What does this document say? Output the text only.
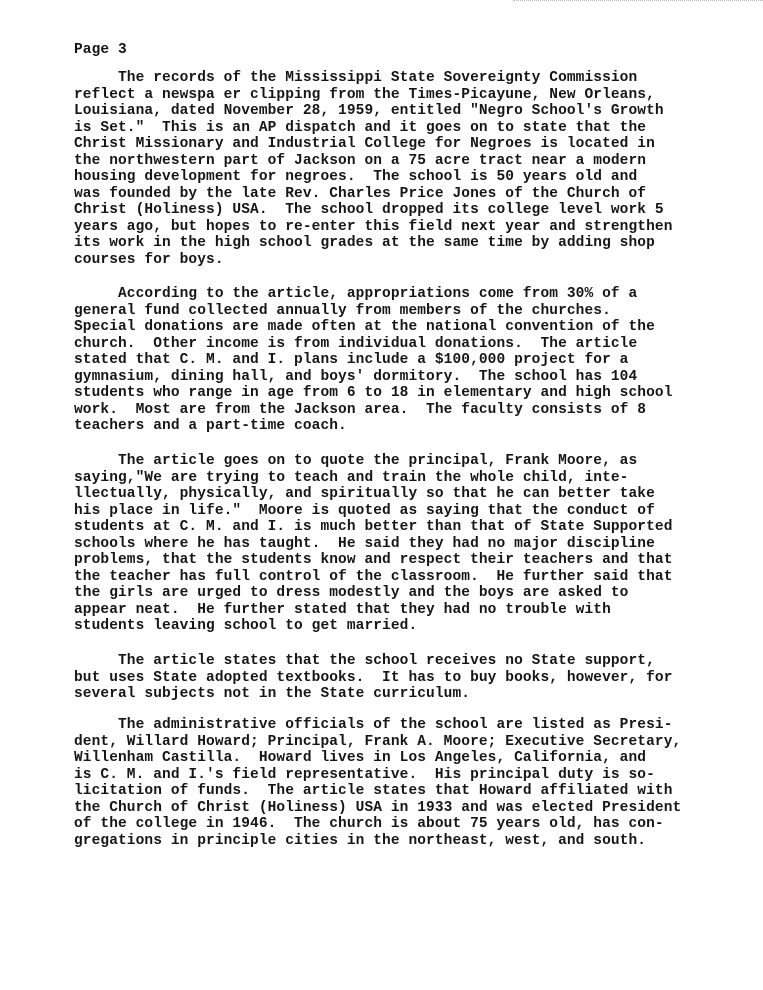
Page 3
The records of the Mississippi State Sovereignty Commission
reflect a newspa er clipping from the Times-Picayune, New Orleans,
Louisiana, dated November 28, 1959, entitled "Negro School's Growth
is Set."  This is an AP dispatch and it goes on to state that the
Christ Missionary and Industrial College for Negroes is located in
the northwestern part of Jackson on a 75 acre tract near a modern
housing development for negroes.  The school is 50 years old and
was founded by the late Rev. Charles Price Jones of the Church of
Christ (Holiness) USA.  The school dropped its college level work 5
years ago, but hopes to re-enter this field next year and strengthen
its work in the high school grades at the same time by adding shop
courses for boys.
According to the article, appropriations come from 30% of a
general fund collected annually from members of the churches.
Special donations are made often at the national convention of the
church.  Other income is from individual donations.  The article
stated that C. M. and I. plans include a $100,000 project for a
gymnasium, dining hall, and boys' dormitory.  The school has 104
students who range in age from 6 to 18 in elementary and high school
work.  Most are from the Jackson area.  The faculty consists of 8
teachers and a part-time coach.
The article goes on to quote the principal, Frank Moore, as
saying,"We are trying to teach and train the whole child, inte-
llectually, physically, and spiritually so that he can better take
his place in life."  Moore is quoted as saying that the conduct of
students at C. M. and I. is much better than that of State Supported
schools where he has taught.  He said they had no major discipline
problems, that the students know and respect their teachers and that
the teacher has full control of the classroom.  He further said that
the girls are urged to dress modestly and the boys are asked to
appear neat.  He further stated that they had no trouble with
students leaving school to get married.
The article states that the school receives no State support,
but uses State adopted textbooks.  It has to buy books, however, for
several subjects not in the State curriculum.
The administrative officials of the school are listed as Presi-
dent, Willard Howard; Principal, Frank A. Moore; Executive Secretary,
Willenham Castilla.  Howard lives in Los Angeles, California, and
is C. M. and I.'s field representative.  His principal duty is so-
licitation of funds.  The article states that Howard affiliated with
the Church of Christ (Holiness) USA in 1933 and was elected President
of the college in 1946.  The church is about 75 years old, has con-
gregations in principle cities in the northeast, west, and south.
